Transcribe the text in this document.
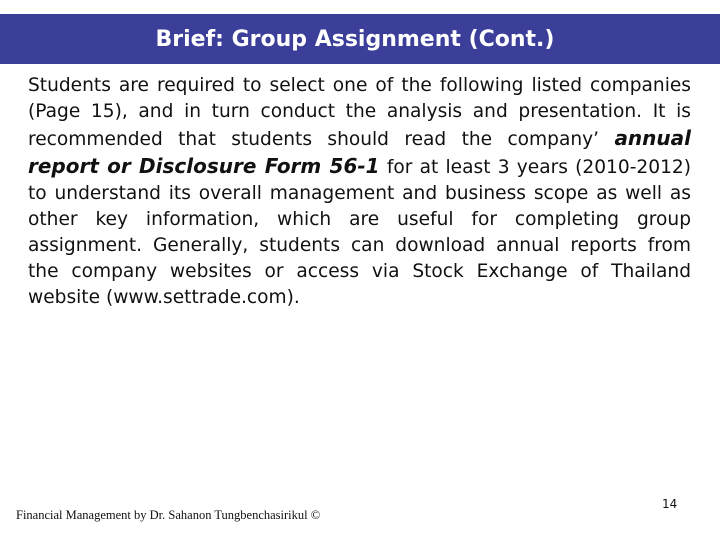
Brief: Group Assignment (Cont.)

Students are required to select one of the following listed companies (Page 15), and in turn conduct the analysis and presentation. It is recommended that students should read the company’ annual report or Disclosure Form 56-1 for at least 3 years (2010-2012) to understand its overall management and business scope as well as other key information, which are useful for completing group assignment. Generally, students can download annual reports from the company websites or access via Stock Exchange of Thailand website (www.settrade.com).

Financial Management by Dr. Sahanon Tungbenchasirikul ©
14
